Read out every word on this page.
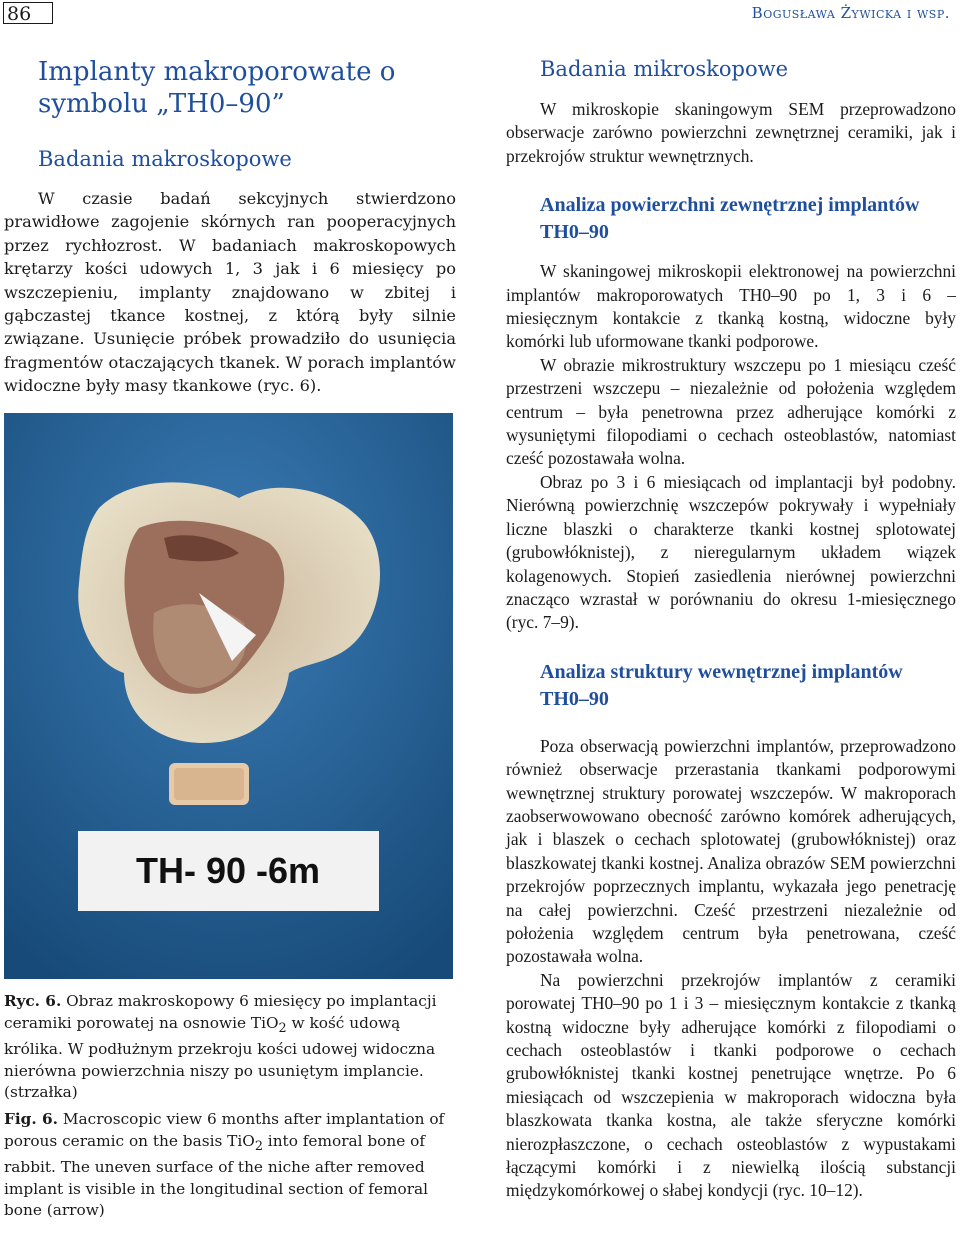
86	Bogusława Żywicka i wsp.
Implanty makroporowate o symbolu „TH0–90”
Badania makroskopowe

W czasie badań sekcyjnych stwierdzono prawidłowe zagojenie skórnych ran pooperacyjnych przez rychłozrost. W badaniach makroskopowych krętarzy kości udowych 1, 3 jak i 6 miesięcy po wszczepieniu, implanty znajdowano w zbitej i gąbczastej tkance kostnej, z którą były silnie związane. Usunięcie próbek prowadziło do usunięcia fragmentów otaczających tkanek. W porach implantów widoczne były masy tkankowe (ryc. 6).

TH- 90 -6m
Ryc. 6. Obraz makroskopowy 6 miesięcy po implantacji ceramiki porowatej na osnowie TiO$_2$ w kość udową królika. W podłużnym przekroju kości udowej widoczna nierówna powierzchnia niszy po usuniętym implancie. (strzałka)
Fig. 6. Macroscopic view 6 months after implantation of porous ceramic on the basis TiO$_2$ into femoral bone of rabbit. The uneven surface of the niche after removed implant is visible in the longitudinal section of femoral bone (arrow)
Badania mikroskopowe

W mikroskopie skaningowym SEM przeprowadzono obserwacje zarówno powierzchni zewnętrznej ceramiki, jak i przekrojów struktur wewnętrznych.

Analiza powierzchni zewnętrznej implantów TH0–90

W skaningowej mikroskopii elektronowej na powierzchni implantów makroporowatych TH0–90 po 1, 3 i 6 – miesięcznym kontakcie z tkanką kostną, widoczne były komórki lub uformowane tkanki podporowe.

W obrazie mikrostruktury wszczepu po 1 miesiącu cześć przestrzeni wszczepu – niezależnie od położenia względem centrum – była penetrowna przez adherujące komórki z wysuniętymi filopodiami o cechach osteoblastów, natomiast cześć pozostawała wolna.

Obraz po 3 i 6 miesiącach od implantacji był podobny. Nierówną powierzchnię wszczepów pokrywały i wypełniały liczne blaszki o charakterze tkanki kostnej splotowatej (grubowłóknistej), z nieregularnym układem wiązek kolagenowych. Stopień zasiedlenia nierównej powierzchni znacząco wzrastał w porównaniu do okresu 1-miesięcznego (ryc. 7–9).

Analiza struktury wewnętrznej implantów TH0–90

Poza obserwacją powierzchni implantów, przeprowadzono również obserwacje przerastania tkankami podporowymi wewnętrznej struktury porowatej wszczepów. W makroporach zaobserwowowano obecność zarówno komórek adherujących, jak i blaszek o cechach splotowatej (grubowłóknistej) oraz blaszkowatej tkanki kostnej. Analiza obrazów SEM powierzchni przekrojów poprzecznych implantu, wykazała jego penetrację na całej powierzchni. Cześć przestrzeni niezależnie od położenia względem centrum była penetrowana, cześć pozostawała wolna.

Na powierzchni przekrojów implantów z ceramiki porowatej TH0–90 po 1 i 3 – miesięcznym kontakcie z tkanką kostną widoczne były adherujące komórki z filopodiami o cechach osteoblastów i tkanki podporowe o cechach grubowłóknistej tkanki kostnej penetrujące wnętrze. Po 6 miesiącach od wszczepienia w makroporach widoczna była blaszkowata tkanka kostna, ale także sferyczne komórki nierozpłaszczone, o cechach osteoblastów z wypustakami łączącymi komórki i z niewielką ilością substancji międzykomórkowej o słabej kondycji (ryc. 10–12).
